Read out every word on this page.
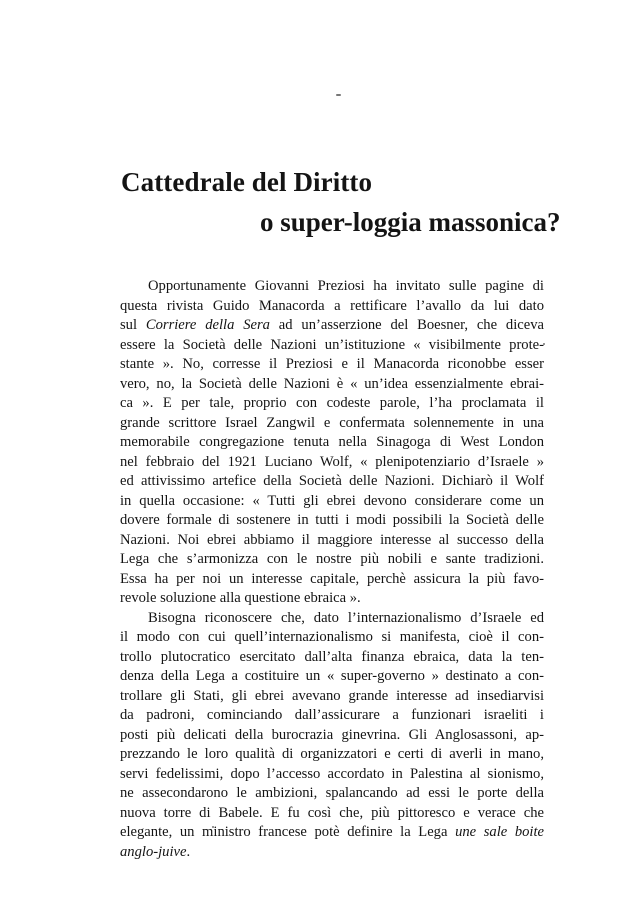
Cattedrale del Diritto
o super-loggia massonica?
Opportunamente Giovanni Preziosi ha invitato sulle pagine di
questa rivista Guido Manacorda a rettificare l’avallo da lui dato
sul Corriere della Sera ad un’asserzione del Boesner, che diceva
essere la Società delle Nazioni un’istituzione « visibilmente prote-
stante ». No, corresse il Preziosi e il Manacorda riconobbe esser
vero, no, la Società delle Nazioni è « un’idea essenzialmente ebrai-
ca ». E per tale, proprio con codeste parole, l’ha proclamata il
grande scrittore Israel Zangwil e confermata solennemente in una
memorabile congregazione tenuta nella Sinagoga di West London
nel febbraio del 1921 Luciano Wolf, « plenipotenziario d’Israele »
ed attivissimo artefice della Società delle Nazioni. Dichiarò il Wolf
in quella occasione: « Tutti gli ebrei devono considerare come un
dovere formale di sostenere in tutti i modi possibili la Società delle
Nazioni. Noi ebrei abbiamo il maggiore interesse al successo della
Lega che s’armonizza con le nostre più nobili e sante tradizioni.
Essa ha per noi un interesse capitale, perchè assicura la più favo-
revole soluzione alla questione ebraica ».
Bisogna riconoscere che, dato l’internazionalismo d’Israele ed
il modo con cui quell’internazionalismo si manifesta, cioè il con-
trollo plutocratico esercitato dall’alta finanza ebraica, data la ten-
denza della Lega a costituire un « super-governo » destinato a con-
trollare gli Stati, gli ebrei avevano grande interesse ad insediarvisi
da padroni, cominciando dall’assicurare a funzionari israeliti i
posti più delicati della burocrazia ginevrina. Gli Anglosassoni, ap-
prezzando le loro qualità di organizzatori e certi di averli in mano,
servi fedelissimi, dopo l’accesso accordato in Palestina al sionismo,
ne assecondarono le ambizioni, spalancando ad essi le porte della
nuova torre di Babele. E fu così che, più pittoresco e verace che
elegante, un ministro francese potè definire la Lega une sale boite
anglo-juive.
